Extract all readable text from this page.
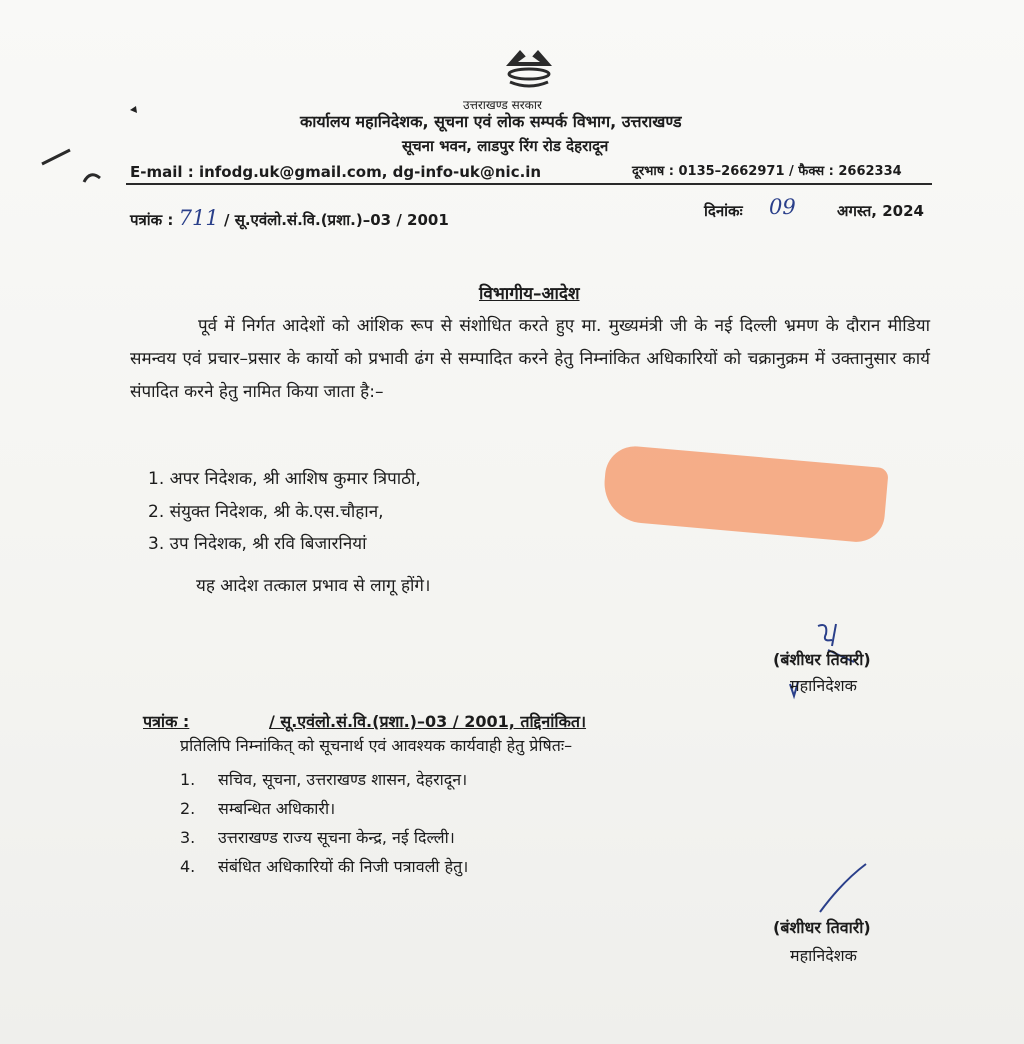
उत्तराखण्ड सरकार
कार्यालय महानिदेशक, सूचना एवं लोक सम्पर्क विभाग, उत्तराखण्ड
सूचना भवन, लाडपुर रिंग रोड देहरादून
E-mail : infodg.uk@gmail.com, dg-info-uk@nic.in	दूरभाष : 0135–2662971 / फैक्स : 2662334
पत्रांक : 711 / सू.एवंलो.सं.वि.(प्रशा.)–03 / 2001	दिनांकः 09	अगस्त, 2024
विभागीय–आदेश
पूर्व में निर्गत आदेशों को आंशिक रूप से संशोधित करते हुए मा. मुख्यमंत्री जी के नई दिल्ली भ्रमण के दौरान मीडिया समन्वय एवं प्रचार–प्रसार के कार्यो को प्रभावी ढंग से सम्पादित करने हेतु निम्नांकित अधिकारियों को चक्रानुक्रम में उक्तानुसार कार्य संपादित करने हेतु नामित किया जाता है:–
1. अपर निदेशक, श्री आशिष कुमार त्रिपाठी,
2. संयुक्त निदेशक, श्री के.एस.चौहान,
3. उप निदेशक, श्री रवि बिजारनियां
यह आदेश तत्काल प्रभाव से लागू होंगे।
(बंशीधर तिवारी)
महानिदेशक
पत्रांक :	/ सू.एवंलो.सं.वि.(प्रशा.)–03 / 2001, तद्दिनांकित।
प्रतिलिपि निम्नांकित् को सूचनार्थ एवं आवश्यक कार्यवाही हेतु प्रेषितः–
1. सचिव, सूचना, उत्तराखण्ड शासन, देहरादून।
2. सम्बन्धित अधिकारी।
3. उत्तराखण्ड राज्य सूचना केन्द्र, नई दिल्ली।
4. संबंधित अधिकारियों की निजी पत्रावली हेतु।
(बंशीधर तिवारी)
महानिदेशक
